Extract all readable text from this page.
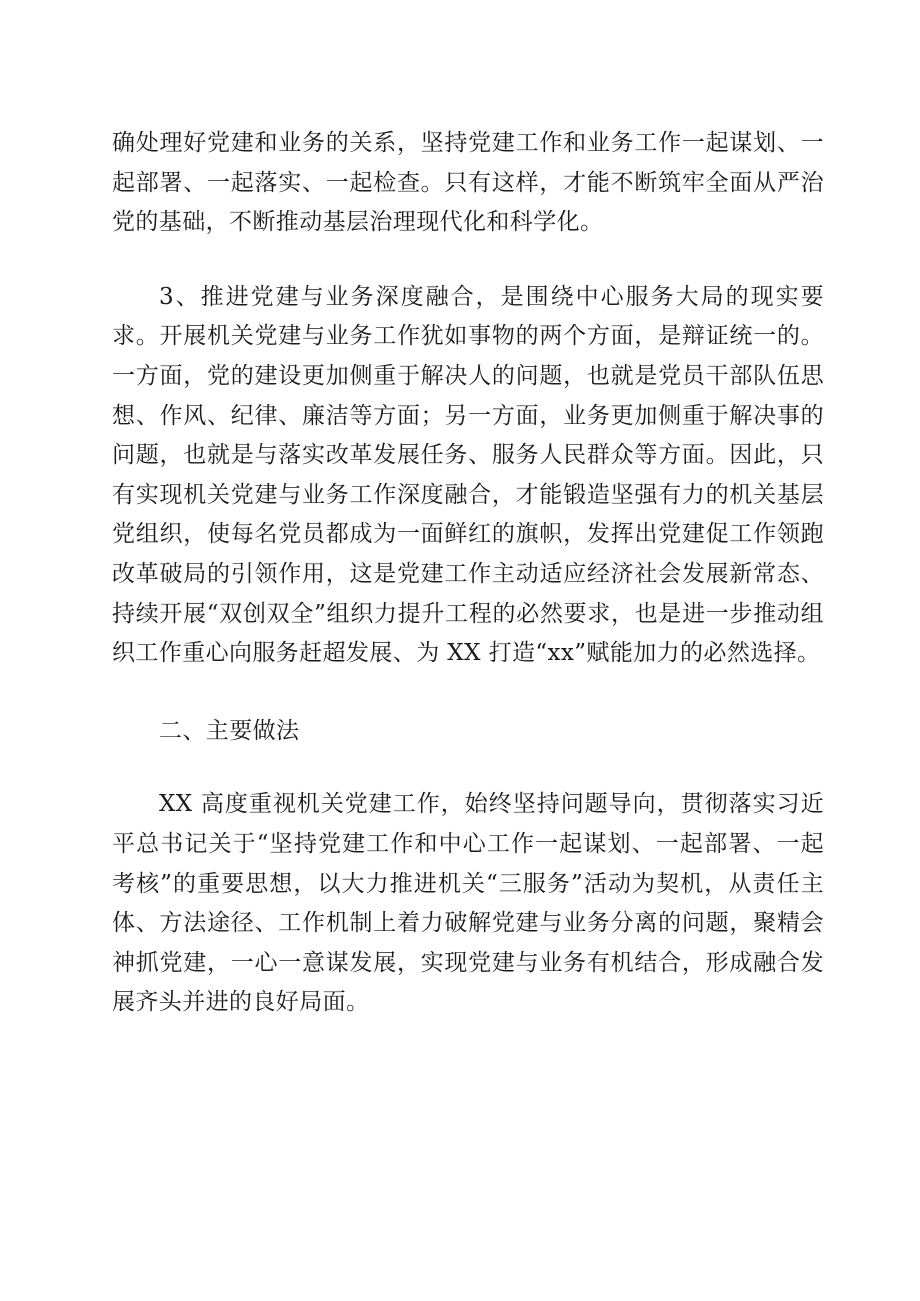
确处理好党建和业务的关系，坚持党建工作和业务工作一起谋划、一起部署、一起落实、一起检查。只有这样，才能不断筑牢全面从严治党的基础，不断推动基层治理现代化和科学化。

3、推进党建与业务深度融合，是围绕中心服务大局的现实要求。开展机关党建与业务工作犹如事物的两个方面，是辩证统一的。一方面，党的建设更加侧重于解决人的问题，也就是党员干部队伍思想、作风、纪律、廉洁等方面；另一方面，业务更加侧重于解决事的问题，也就是与落实改革发展任务、服务人民群众等方面。因此，只有实现机关党建与业务工作深度融合，才能锻造坚强有力的机关基层党组织，使每名党员都成为一面鲜红的旗帜，发挥出党建促工作领跑改革破局的引领作用，这是党建工作主动适应经济社会发展新常态、持续开展“双创双全”组织力提升工程的必然要求，也是进一步推动组织工作重心向服务赶超发展、为 XX 打造“xx”赋能加力的必然选择。

二、主要做法

XX 高度重视机关党建工作，始终坚持问题导向，贯彻落实习近平总书记关于“坚持党建工作和中心工作一起谋划、一起部署、一起考核”的重要思想，以大力推进机关“三服务”活动为契机，从责任主体、方法途径、工作机制上着力破解党建与业务分离的问题，聚精会神抓党建，一心一意谋发展，实现党建与业务有机结合，形成融合发展齐头并进的良好局面。
